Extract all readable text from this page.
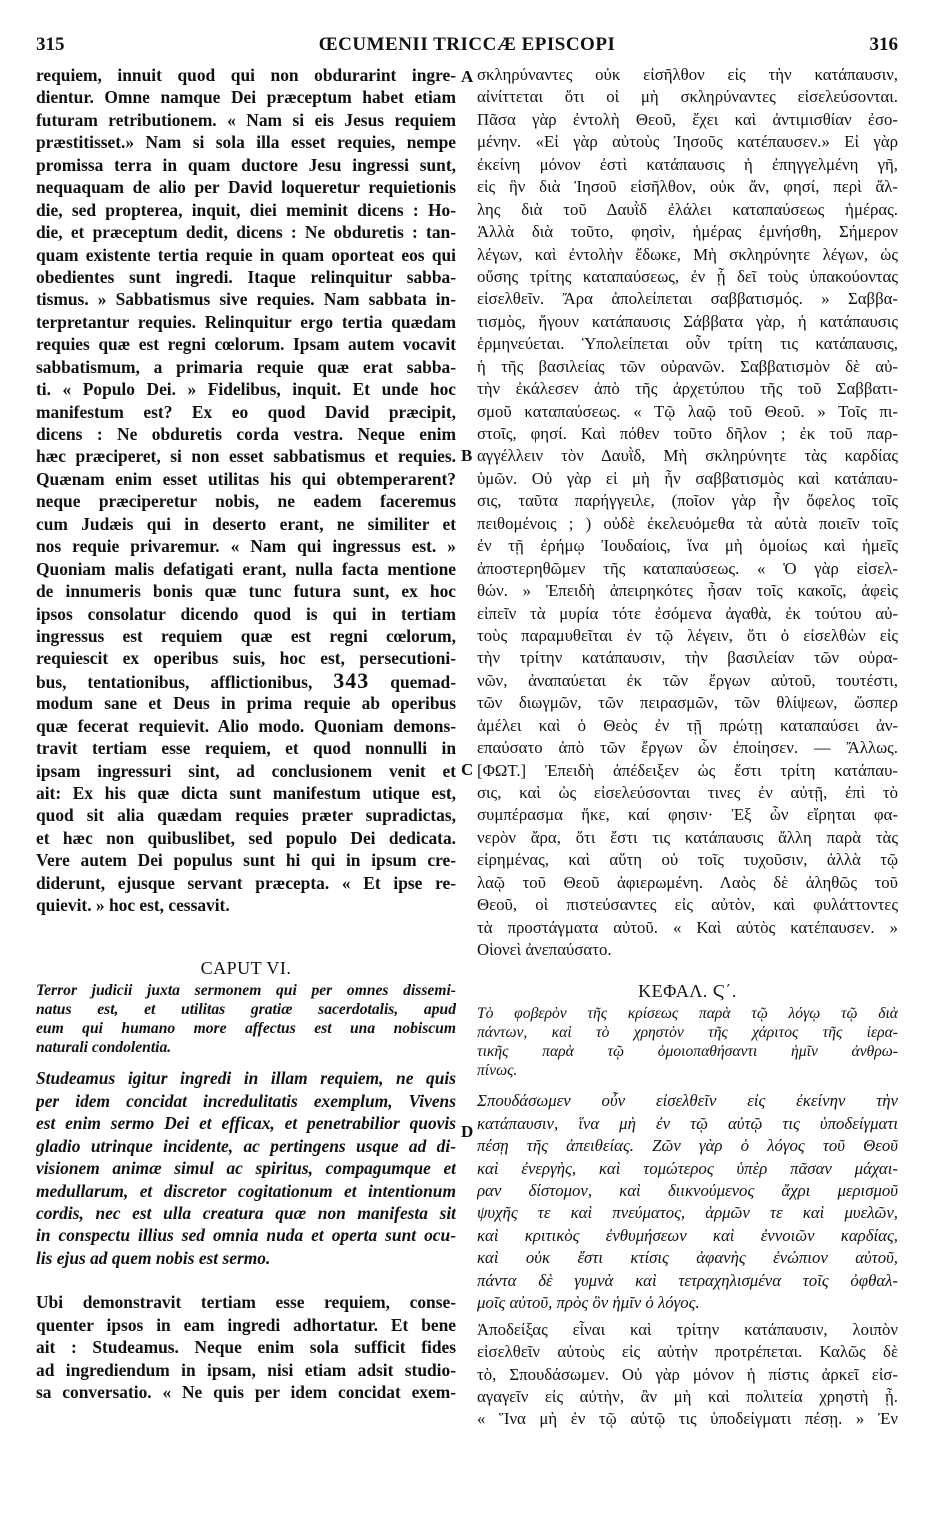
315	ŒCUMENII TRICCÆ EPISCOPI	316
A
B
C
D
requiem, innuit quod qui non obdurarint ingre-
dientur. Omne namque Dei præceptum habet etiam
futuram retributionem. « Nam si eis Jesus requiem
præstitisset.» Nam si sola illa esset requies, nempe
promissa terra in quam ductore Jesu ingressi sunt,
nequaquam de alio per David loqueretur requietionis
die, sed propterea, inquit, diei meminit dicens : Ho-
die, et præceptum dedit, dicens : Ne obduretis : tan-
quam existente tertia requie in quam oporteat eos qui
obedientes sunt ingredi. Itaque relinquitur sabba-
tismus. » Sabbatismus sive requies. Nam sabbata in-
terpretantur requies. Relinquitur ergo tertia quædam
requies quæ est regni cœlorum. Ipsam autem vocavit
sabbatismum, a primaria requie quæ erat sabba-
ti. « Populo Dei. » Fidelibus, inquit. Et unde hoc
manifestum est? Ex eo quod David præcipit,
dicens : Ne obduretis corda vestra. Neque enim
hæc præciperet, si non esset sabbatismus et requies.
Quænam enim esset utilitas his qui obtemperarent?
neque præciperetur nobis, ne eadem faceremus
cum Judæis qui in deserto erant, ne similiter et
nos requie privaremur. « Nam qui ingressus est. »
Quoniam malis defatigati erant, nulla facta mentione
de innumeris bonis quæ tunc futura sunt, ex hoc
ipsos consolatur dicendo quod is qui in tertiam
ingressus est requiem quæ est regni cœlorum,
requiescit ex operibus suis, hoc est, persecutioni-
bus, tentationibus, afflictionibus, 343 quemad-
modum sane et Deus in prima requie ab operibus
quæ fecerat requievit. Alio modo. Quoniam demons-
travit tertiam esse requiem, et quod nonnulli in
ipsam ingressuri sint, ad conclusionem venit et
ait: Ex his quæ dicta sunt manifestum utique est,
quod sit alia quædam requies præter supradictas,
et hæc non quibuslibet, sed populo Dei dedicata.
Vere autem Dei populus sunt hi qui in ipsum cre-
diderunt, ejusque servant præcepta. « Et ipse re-
quievit. » hoc est, cessavit.
CAPUT VI.
Terror judicii juxta sermonem qui per omnes dissemi-
natus est, et utilitas gratiæ sacerdotalis, apud
eum qui humano more affectus est una nobiscum
naturali condolentia.
Studeamus igitur ingredi in illam requiem, ne quis
per idem concidat incredulitatis exemplum, Vivens
est enim sermo Dei et efficax, et penetrabilior quovis
gladio utrinque incidente, ac pertingens usque ad di-
visionem animæ simul ac spiritus, compagumque et
medullarum, et discretor cogitationum et intentionum
cordis, nec est ulla creatura quæ non manifesta sit
in conspectu illius sed omnia nuda et operta sunt ocu-
lis ejus ad quem nobis est sermo.
Ubi demonstravit tertiam esse requiem, conse-
quenter ipsos in eam ingredi adhortatur. Et bene
ait : Studeamus. Neque enim sola sufficit fides
ad ingrediendum in ipsam, nisi etiam adsit studio-
sa conversatio. « Ne quis per idem concidat exem-
σκληρύναντες οὐκ εἰσῆλθον εἰς τὴν κατάπαυσιν,
αἰνίττεται ὅτι οἱ μὴ σκληρύναντες εἰσελεύσονται.
Πᾶσα γὰρ ἐντολὴ Θεοῦ, ἔχει καὶ ἀντιμισθίαν ἐσο-
μένην. «Εἰ γὰρ αὐτοὺς Ἰησοῦς κατέπαυσεν.» Εἰ γὰρ
ἐκείνη μόνον ἐστὶ κατάπαυσις ἡ ἐπηγγελμένη γῆ,
εἰς ἣν διὰ Ἰησοῦ εἰσῆλθον, οὐκ ἄν, φησί, περὶ ἄλ-
λης διὰ τοῦ Δαυῒδ ἐλάλει καταπαύσεως ἡμέρας.
Ἀλλὰ διὰ τοῦτο, φησὶν, ἡμέρας ἐμνήσθη, Σήμερον
λέγων, καὶ ἐντολὴν ἔδωκε, Μὴ σκληρύνητε λέγων, ὡς
οὔσης τρίτης καταπαύσεως, ἐν ᾗ δεῖ τοὺς ὑπακούοντας
εἰσελθεῖν. Ἄρα ἀπολείπεται σαββατισμός. » Σαββα-
τισμὸς, ἤγουν κατάπαυσις Σάββατα γὰρ, ἡ κατάπαυσις
ἑρμηνεύεται. Ὑπολείπεται οὖν τρίτη τις κατάπαυσις,
ἡ τῆς βασιλείας τῶν οὐρανῶν. Σαββατισμὸν δὲ αὐ-
τὴν ἐκάλεσεν ἀπὸ τῆς ἀρχετύπου τῆς τοῦ Σαββατι-
σμοῦ καταπαύσεως. « Τῷ λαῷ τοῦ Θεοῦ. » Τοῖς πι-
στοῖς, φησί. Καὶ πόθεν τοῦτο δῆλον ; ἐκ τοῦ παρ-
αγγέλλειν τὸν Δαυῒδ, Μὴ σκληρύνητε τὰς καρδίας
ὑμῶν. Οὐ γὰρ εἰ μὴ ἦν σαββατισμὸς καὶ κατάπαυ-
σις, ταῦτα παρήγγειλε, (ποῖον γὰρ ἦν ὄφελος τοῖς
πειθομένοις ; ) οὐδὲ ἐκελευόμεθα τὰ αὐτὰ ποιεῖν τοῖς
ἐν τῇ ἐρήμῳ Ἰουδαίοις, ἵνα μὴ ὁμοίως καὶ ἡμεῖς
ἀποστερηθῶμεν τῆς καταπαύσεως. « Ὁ γὰρ εἰσελ-
θών. » Ἐπειδὴ ἀπειρηκότες ἦσαν τοῖς κακοῖς, ἀφεὶς
εἰπεῖν τὰ μυρία τότε ἐσόμενα ἀγαθὰ, ἐκ τούτου αὐ-
τοὺς παραμυθεῖται ἐν τῷ λέγειν, ὅτι ὁ εἰσελθὼν εἰς
τὴν τρίτην κατάπαυσιν, τὴν βασιλείαν τῶν οὐρα-
νῶν, ἀναπαύεται ἐκ τῶν ἔργων αὐτοῦ, τουτέστι,
τῶν διωγμῶν, τῶν πειρασμῶν, τῶν θλίψεων, ὥσπερ
ἀμέλει καὶ ὁ Θεὸς ἐν τῇ πρώτῃ καταπαύσει ἀν-
επαύσατο ἀπὸ τῶν ἔργων ὧν ἐποίησεν. — Ἄλλως.
[ΦΩΤ.] Ἐπειδὴ ἀπέδειξεν ὡς ἔστι τρίτη κατάπαυ-
σις, καὶ ὡς εἰσελεύσονται τινες ἐν αὐτῇ, ἐπὶ τὸ
συμπέρασμα ἥκε, καί φησιν· Ἐξ ὧν εἴρηται φα-
νερὸν ἄρα, ὅτι ἔστι τις κατάπαυσις ἄλλη παρὰ τὰς
εἰρημένας, καὶ αὕτη οὐ τοῖς τυχοῦσιν, ἀλλὰ τῷ
λαῷ τοῦ Θεοῦ ἀφιερωμένη. Λαὸς δὲ ἀληθῶς τοῦ
Θεοῦ, οἱ πιστεύσαντες εἰς αὐτὸν, καὶ φυλάττοντες
τὰ προστάγματα αὐτοῦ. « Καὶ αὐτὸς κατέπαυσεν. »
Οἱονεὶ ἀνεπαύσατο.
ΚΕΦΑΛ. Ϛ΄.
Τὸ φοβερὸν τῆς κρίσεως παρὰ τῷ λόγῳ τῷ διὰ
πάντων, καὶ τὸ χρηστὸν τῆς χάριτος τῆς ἱερα-
τικῆς παρὰ τῷ ὁμοιοπαθήσαντι ἡμῖν ἀνθρω-
πίνως.
Σπουδάσωμεν οὖν εἰσελθεῖν εἰς ἐκείνην τὴν
κατάπαυσιν, ἵνα μὴ ἐν τῷ αὐτῷ τις ὑποδείγματι
πέσῃ τῆς ἀπειθείας. Ζῶν γὰρ ὁ λόγος τοῦ Θεοῦ
καὶ ἐνεργὴς, καὶ τομώτερος ὑπὲρ πᾶσαν μάχαι-
ραν δίστομον, καὶ διικνούμενος ἄχρι μερισμοῦ
ψυχῆς τε καὶ πνεύματος, ἁρμῶν τε καὶ μυελῶν,
καὶ κριτικὸς ἐνθυμήσεων καὶ ἐννοιῶν καρδίας,
καὶ οὐκ ἔστι κτίσις ἀφανὴς ἐνώπιον αὐτοῦ,
πάντα δὲ γυμνὰ καὶ τετραχηλισμένα τοῖς ὀφθαλ-
μοῖς αὐτοῦ, πρὸς ὃν ἡμῖν ὁ λόγος.
Ἀποδείξας εἶναι καὶ τρίτην κατάπαυσιν, λοιπὸν
εἰσελθεῖν αὐτοὺς εἰς αὐτὴν προτρέπεται. Καλῶς δὲ
τὸ, Σπουδάσωμεν. Οὐ γὰρ μόνον ἡ πίστις ἀρκεῖ εἰσ-
αγαγεῖν εἰς αὐτὴν, ἂν μὴ καὶ πολιτεία χρηστὴ ᾖ.
« Ἵνα μὴ ἐν τῷ αὐτῷ τις ὑποδείγματι πέσῃ. » Ἐν
